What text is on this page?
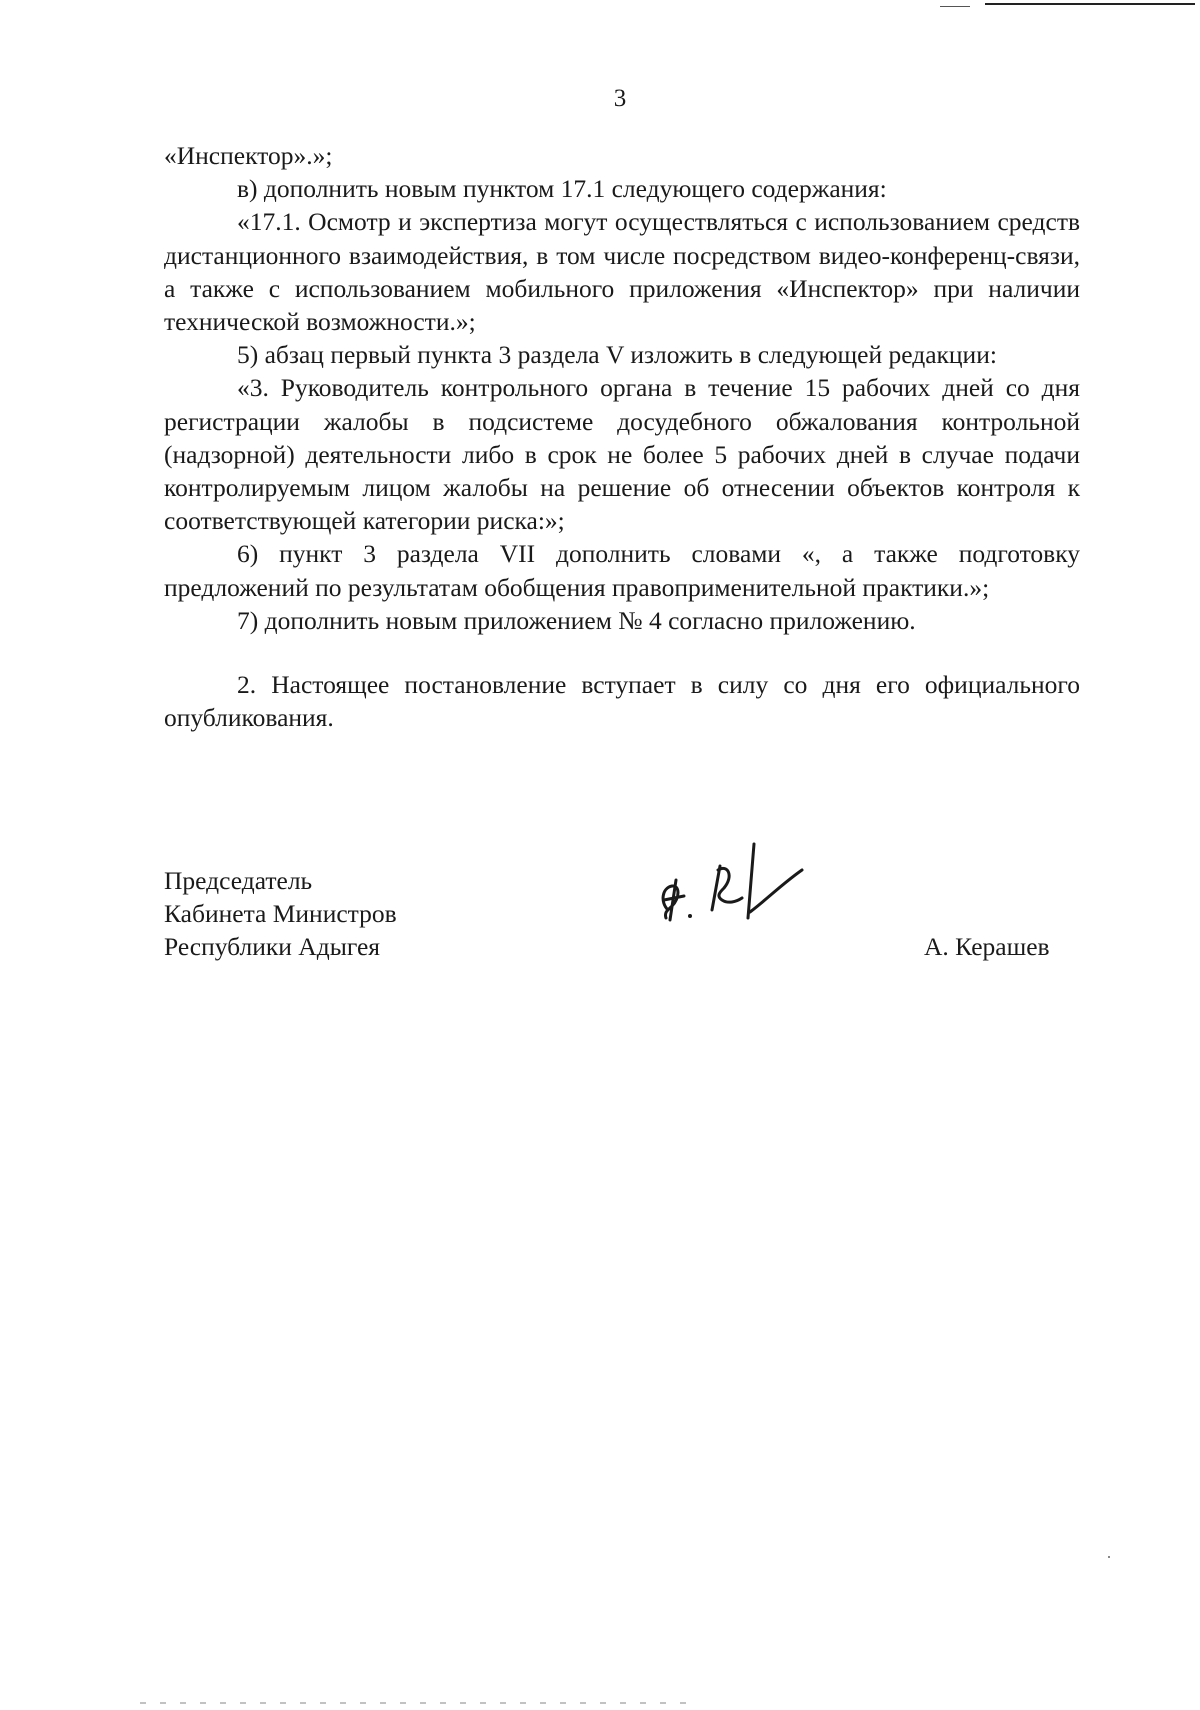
3

«Инспектор».»;

в) дополнить новым пунктом 17.1 следующего содержания:

«17.1. Осмотр и экспертиза могут осуществляться с использованием средств дистанционного взаимодействия, в том числе посредством видео-конференц-связи, а также с использованием мобильного приложения «Инспектор» при наличии технической возможности.»;

5) абзац первый пункта 3 раздела V изложить в следующей редакции:

«3. Руководитель контрольного органа в течение 15 рабочих дней со дня регистрации жалобы в подсистеме досудебного обжалования контрольной (надзорной) деятельности либо в срок не более 5 рабочих дней в случае подачи контролируемым лицом жалобы на решение об отнесении объектов контроля к соответствующей категории риска:»;

6) пункт 3 раздела VII дополнить словами «, а также подготовку предложений по результатам обобщения правоприменительной практики.»;

7) дополнить новым приложением № 4 согласно приложению.

2. Настоящее постановление вступает в силу со дня его официального опубликования.

Председатель
Кабинета Министров
Республики Адыгея	А. Керашев
